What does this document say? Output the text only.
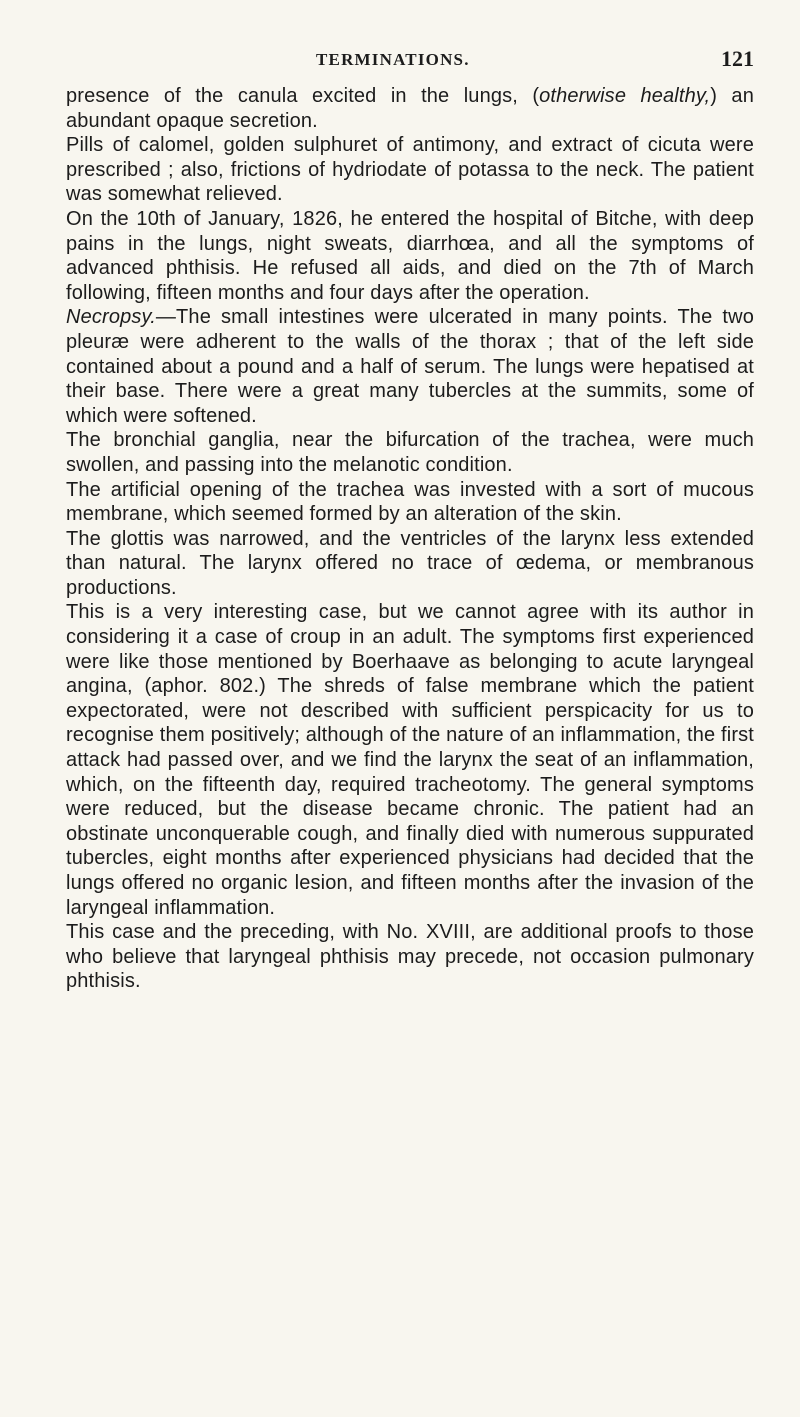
TERMINATIONS.	121

presence of the canula excited in the lungs, (otherwise healthy,) an abundant opaque secretion.

Pills of calomel, golden sulphuret of antimony, and extract of cicuta were prescribed ; also, frictions of hydriodate of potassa to the neck. The patient was somewhat relieved.

On the 10th of January, 1826, he entered the hospital of Bitche, with deep pains in the lungs, night sweats, diarrhœa, and all the symptoms of advanced phthisis. He refused all aids, and died on the 7th of March following, fifteen months and four days after the operation.

Necropsy.—The small intestines were ulcerated in many points. The two pleuræ were adherent to the walls of the thorax ; that of the left side contained about a pound and a half of serum. The lungs were hepatised at their base. There were a great many tubercles at the summits, some of which were softened.

The bronchial ganglia, near the bifurcation of the trachea, were much swollen, and passing into the melanotic condition.

The artificial opening of the trachea was invested with a sort of mucous membrane, which seemed formed by an alteration of the skin.

The glottis was narrowed, and the ventricles of the larynx less extended than natural. The larynx offered no trace of œdema, or membranous productions.

This is a very interesting case, but we cannot agree with its author in considering it a case of croup in an adult. The symptoms first experienced were like those mentioned by Boerhaave as belonging to acute laryngeal angina, (aphor. 802.) The shreds of false membrane which the patient expectorated, were not described with sufficient perspicacity for us to recognise them positively; although of the nature of an inflammation, the first attack had passed over, and we find the larynx the seat of an inflammation, which, on the fifteenth day, required tracheotomy. The general symptoms were reduced, but the disease became chronic. The patient had an obstinate unconquerable cough, and finally died with numerous suppurated tubercles, eight months after experienced physicians had decided that the lungs offered no organic lesion, and fifteen months after the invasion of the laryngeal inflammation.

This case and the preceding, with No. XVIII, are additional proofs to those who believe that laryngeal phthisis may precede, not occasion pulmonary phthisis.
